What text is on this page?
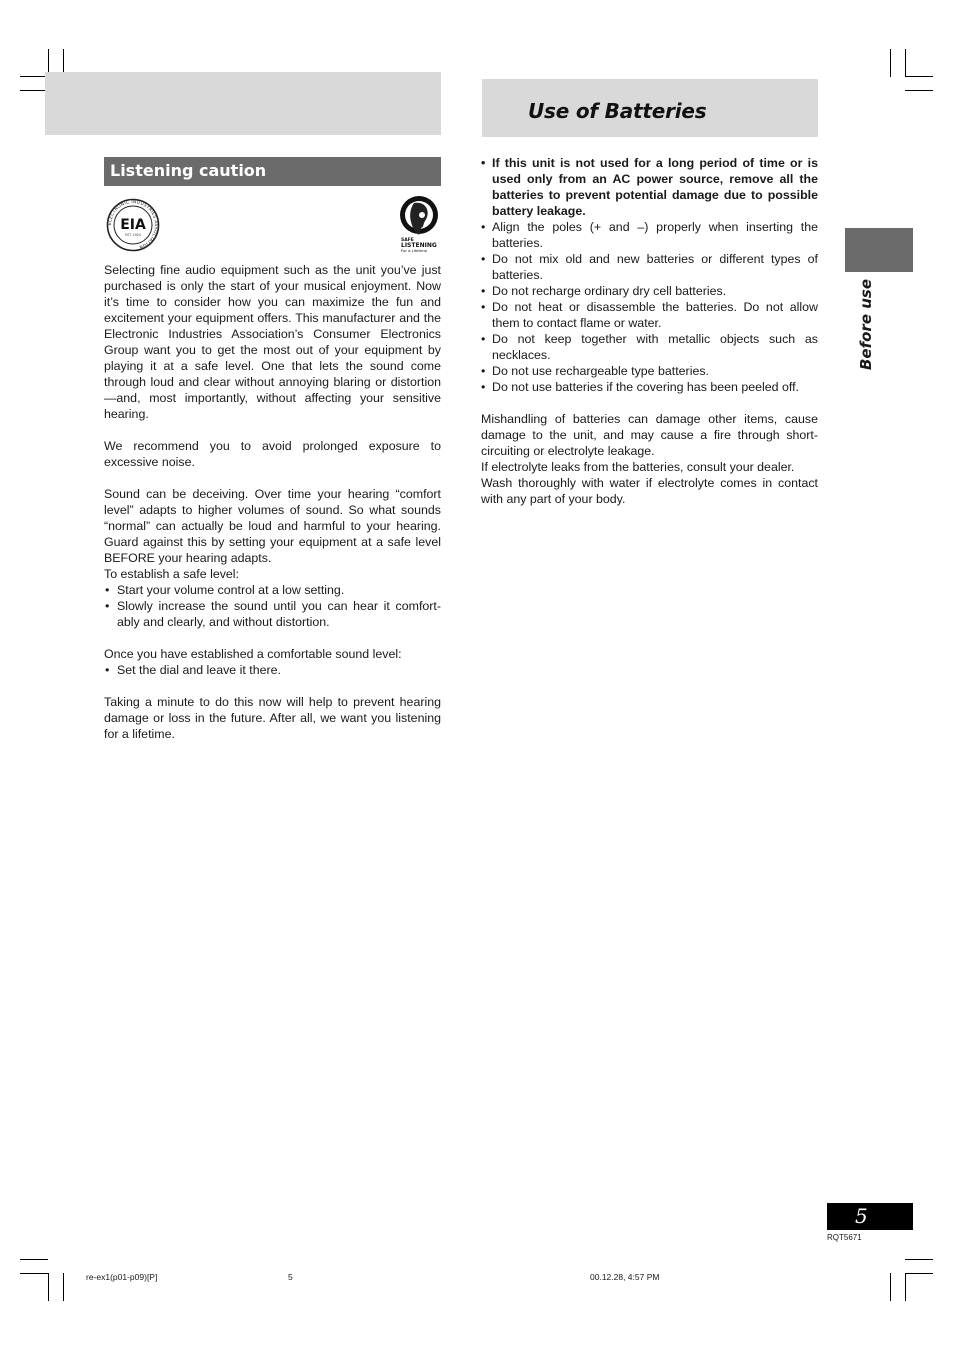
Use of Batteries
Listening caution
ELECTRONIC INDUSTRIES ASSOCIATION
EIA
EST. 1924
SAFE
LISTENING
For a Lifetime

Selecting fine audio equipment such as the unit you’ve just purchased is only the start of your musical enjoyment. Now it’s time to consider how you can maximize the fun and excitement your equipment offers. This manufacturer and the Electronic Industries Association’s Consumer Electronics Group want you to get the most out of your equipment by playing it at a safe level. One that lets the sound come through loud and clear without annoying blaring or distortion—and, most importantly, without affecting your sensitive hearing.

We recommend you to avoid prolonged exposure to excessive noise.

Sound can be deceiving. Over time your hearing “comfort level” adapts to higher volumes of sound. So what sounds “normal” can actually be loud and harmful to your hearing. Guard against this by setting your equipment at a safe level BEFORE your hearing adapts.

To establish a safe level:

• Start your volume control at a low setting.
• Slowly increase the sound until you can hear it comfort-ably and clearly, and without distortion.

Once you have established a comfortable sound level:

• Set the dial and leave it there.

Taking a minute to do this now will help to prevent hearing damage or loss in the future. After all, we want you listening for a lifetime.

• If this unit is not used for a long period of time or is used only from an AC power source, remove all the batteries to prevent potential damage due to possible battery leakage.
• Align the poles (+ and –) properly when inserting the batteries.
• Do not mix old and new batteries or different types of batteries.
• Do not recharge ordinary dry cell batteries.
• Do not heat or disassemble the batteries. Do not allow them to contact flame or water.
• Do not keep together with metallic objects such as necklaces.
• Do not use rechargeable type batteries.
• Do not use batteries if the covering has been peeled off.

Mishandling of batteries can damage other items, cause damage to the unit, and may cause a fire through short-circuiting or electrolyte leakage.

If electrolyte leaks from the batteries, consult your dealer.

Wash thoroughly with water if electrolyte comes in contact with any part of your body.

Before use
5
RQT5671
re-ex1(p01-p09)[P]	5	00.12.28, 4:57 PM
